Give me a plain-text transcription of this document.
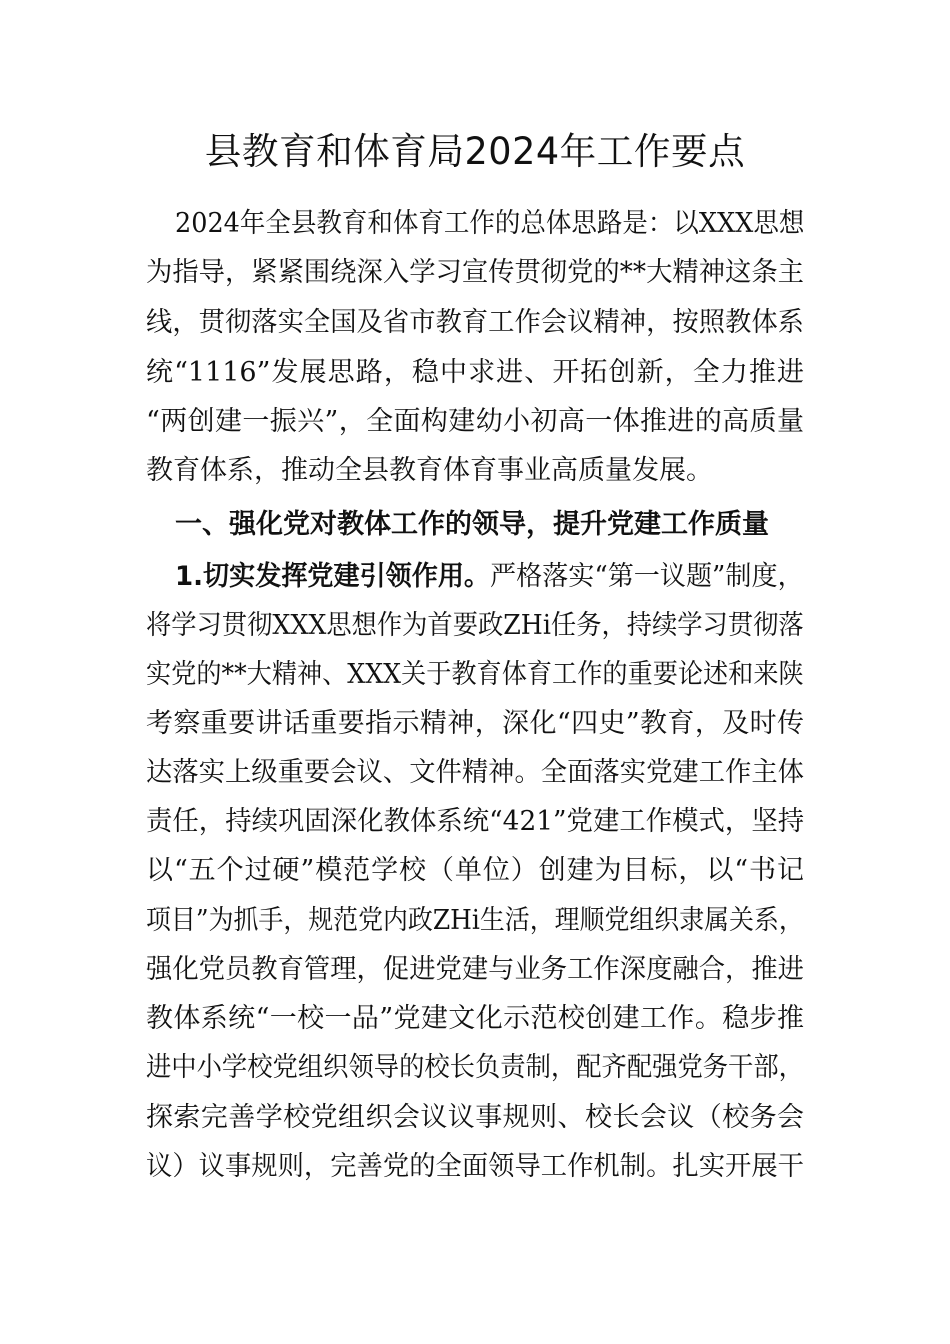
县教育和体育局2024年工作要点
2024年全县教育和体育工作的总体思路是：以XXX思想
为指导，紧紧围绕深入学习宣传贯彻党的**大精神这条主
线，贯彻落实全国及省市教育工作会议精神，按照教体系
统“1116”发展思路，稳中求进、开拓创新，全力推进
“两创建一振兴”，全面构建幼小初高一体推进的高质量
教育体系，推动全县教育体育事业高质量发展。
一、强化党对教体工作的领导，提升党建工作质量
1.切实发挥党建引领作用。严格落实“第一议题”制度，
将学习贯彻XXX思想作为首要政ZHi任务，持续学习贯彻落
实党的**大精神、XXX关于教育体育工作的重要论述和来陕
考察重要讲话重要指示精神，深化“四史”教育，及时传
达落实上级重要会议、文件精神。全面落实党建工作主体
责任，持续巩固深化教体系统“421”党建工作模式，坚持
以“五个过硬”模范学校（单位）创建为目标，以“书记
项目”为抓手，规范党内政ZHi生活，理顺党组织隶属关系，
强化党员教育管理，促进党建与业务工作深度融合，推进
教体系统“一校一品”党建文化示范校创建工作。稳步推
进中小学校党组织领导的校长负责制，配齐配强党务干部，
探索完善学校党组织会议议事规则、校长会议（校务会
议）议事规则，完善党的全面领导工作机制。扎实开展干
